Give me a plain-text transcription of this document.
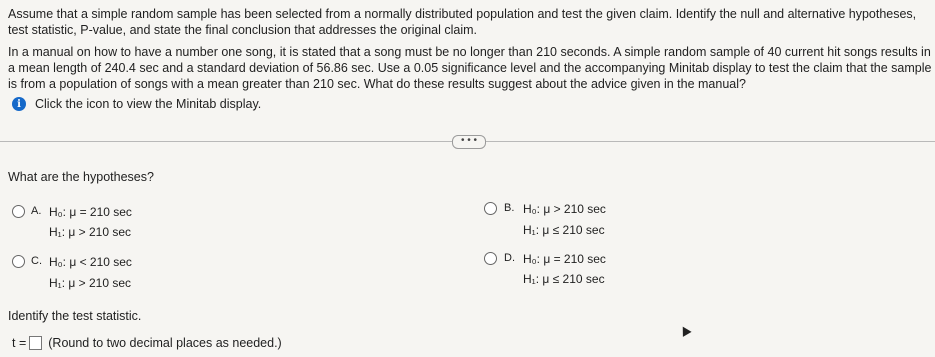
Assume that a simple random sample has been selected from a normally distributed population and test the given claim. Identify the null and alternative hypotheses, test statistic, P-value, and state the final conclusion that addresses the original claim.
In a manual on how to have a number one song, it is stated that a song must be no longer than 210 seconds. A simple random sample of 40 current hit songs results in a mean length of 240.4 sec and a standard deviation of 56.86 sec. Use a 0.05 significance level and the accompanying Minitab display to test the claim that the sample is from a population of songs with a mean greater than 210 sec. What do these results suggest about the advice given in the manual?
i	Click the icon to view the Minitab display.
• • •
What are the hypotheses?
A. H₀: μ = 210 sec
H₁: μ > 210 sec
B. H₀: μ > 210 sec
H₁: μ ≤ 210 sec
C. H₀: μ < 210 sec
H₁: μ > 210 sec
D. H₀: μ = 210 sec
H₁: μ ≤ 210 sec
Identify the test statistic.
t = (Round to two decimal places as needed.)
